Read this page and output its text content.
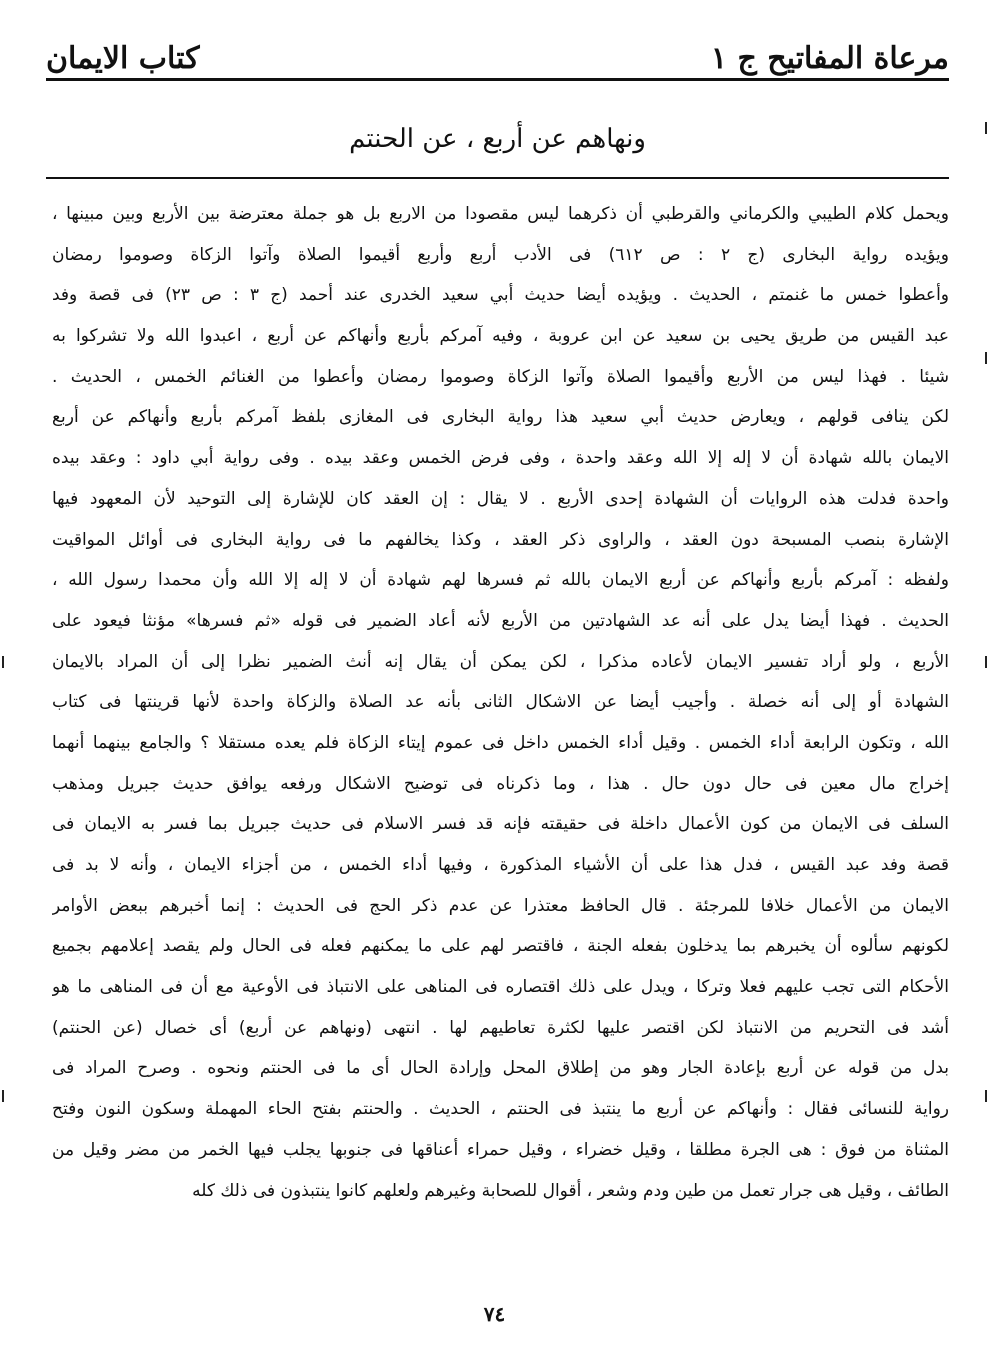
مرعاة المفاتيح ج ١
كتاب الايمان
ونهاهم عن أربع ، عن الحنتم
ويحمل كلام الطيبي والكرماني والقرطبي أن ذكرهما ليس مقصودا من الاربع بل هو جملة معترضة بين الأربع وبين مبينها ،
ويؤيده رواية البخارى (ج ٢ : ص ٦١٢) فى الأدب أربع وأربع أقيموا الصلاة وآتوا الزكاة وصوموا رمضان
وأعطوا خمس ما غنمتم ، الحديث . ويؤيده أيضا حديث أبي سعيد الخدرى عند أحمد (ج ٣ : ص ٢٣) فى قصة وفد
عبد القيس من طريق يحيى بن سعيد عن ابن عروبة ، وفيه آمركم بأربع وأنهاكم عن أربع ، اعبدوا الله ولا تشركوا به
شيئا . فهذا ليس من الأربع وأقيموا الصلاة وآتوا الزكاة وصوموا رمضان وأعطوا من الغنائم الخمس ، الحديث .
لكن ينافى قولهم ، ويعارض حديث أبي سعيد هذا رواية البخارى فى المغازى بلفظ آمركم بأربع وأنهاكم عن أربع
الايمان بالله شهادة أن لا إله إلا الله وعقد واحدة ، وفى فرض الخمس وعقد بيده . وفى رواية أبي داود : وعقد بيده
واحدة فدلت هذه الروايات أن الشهادة إحدى الأربع . لا يقال : إن العقد كان للإشارة إلى التوحيد لأن المعهود فيها
الإشارة بنصب المسبحة دون العقد ، والراوى ذكر العقد ، وكذا يخالفهم ما فى رواية البخارى فى أوائل المواقيت
ولفظه : آمركم بأربع وأنهاكم عن أربع الايمان بالله ثم فسرها لهم شهادة أن لا إله إلا الله وأن محمدا رسول الله ،
الحديث . فهذا أيضا يدل على أنه عد الشهادتين من الأربع لأنه أعاد الضمير فى قوله «ثم فسرها» مؤنثا فيعود على
الأربع ، ولو أراد تفسير الايمان لأعاده مذكرا ، لكن يمكن أن يقال إنه أنث الضمير نظرا إلى أن المراد بالايمان
الشهادة أو إلى أنه خصلة . وأجيب أيضا عن الاشكال الثانى بأنه عد الصلاة والزكاة واحدة لأنها قرينتها فى كتاب
الله ، وتكون الرابعة أداء الخمس . وقيل أداء الخمس داخل فى عموم إيتاء الزكاة فلم يعده مستقلا ؟ والجامع بينهما أنهما
إخراج مال معين فى حال دون حال . هذا ، وما ذكرناه فى توضيح الاشكال ورفعه يوافق حديث جبريل ومذهب
السلف فى الايمان من كون الأعمال داخلة فى حقيقته فإنه قد فسر الاسلام فى حديث جبريل بما فسر به الايمان فى
قصة وفد عبد القيس ، فدل هذا على أن الأشياء المذكورة ، وفيها أداء الخمس ، من أجزاء الايمان ، وأنه لا بد فى
الايمان من الأعمال خلافا للمرجئة . قال الحافظ معتذرا عن عدم ذكر الحج فى الحديث : إنما أخبرهم ببعض الأوامر
لكونهم سألوه أن يخبرهم بما يدخلون بفعله الجنة ، فاقتصر لهم على ما يمكنهم فعله فى الحال ولم يقصد إعلامهم بجميع
الأحكام التى تجب عليهم فعلا وتركا ، ويدل على ذلك اقتصاره فى المناهى على الانتباذ فى الأوعية مع أن فى المناهى ما هو
أشد فى التحريم من الانتباذ لكن اقتصر عليها لكثرة تعاطيهم لها . انتهى (ونهاهم عن أربع) أى خصال (عن الحنتم)
بدل من قوله عن أربع بإعادة الجار وهو من إطلاق المحل وإرادة الحال أى ما فى الحنتم ونحوه . وصرح المراد فى
رواية للنسائى فقال : وأنهاكم عن أربع ما ينتبذ فى الحنتم ، الحديث . والحنتم بفتح الحاء المهملة وسكون النون وفتح
المثناة من فوق : هى الجرة مطلقا ، وقيل خضراء ، وقيل حمراء أعناقها فى جنوبها يجلب فيها الخمر من مضر وقيل من
الطائف ، وقيل هى جرار تعمل من طين ودم وشعر ، أقوال للصحابة وغيرهم ولعلهم كانوا ينتبذون فى ذلك كله
٧٤
